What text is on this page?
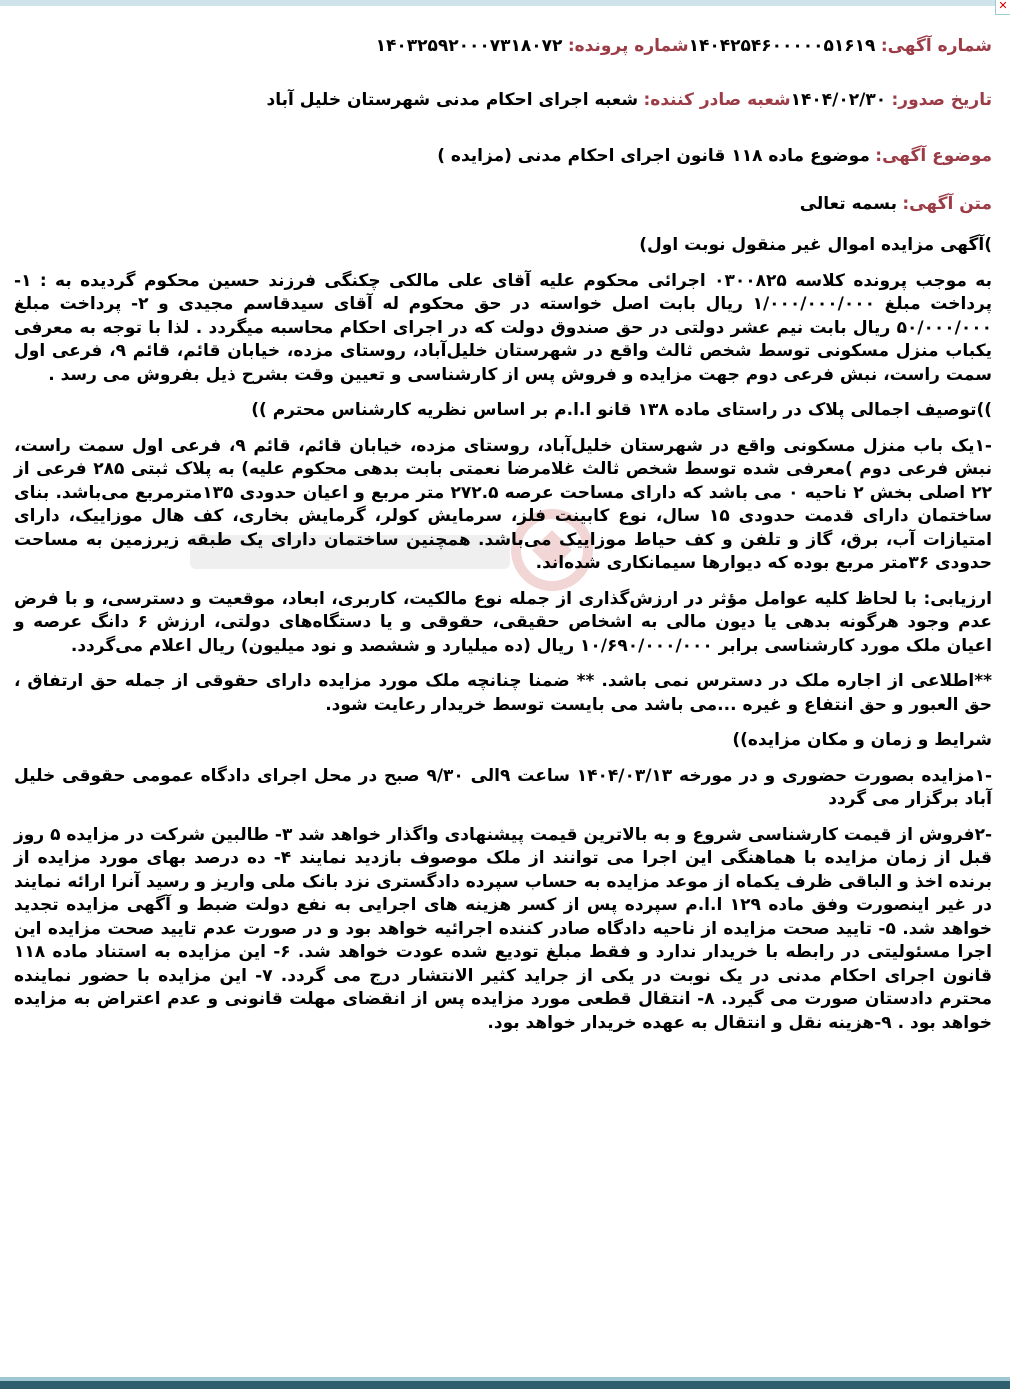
✕
شماره آگهی: ۱۴۰۴۲۵۴۶۰۰۰۰۰۵۱۶۱۹
شماره پرونده: ۱۴۰۳۲۵۹۲۰۰۰۷۳۱۸۰۷۲
تاریخ صدور: ۱۴۰۴/۰۲/۳۰
شعبه صادر کننده: شعبه اجرای احکام مدنی شهرستان خلیل آباد
موضوع آگهی: موضوع ماده ۱۱۸ قانون اجرای احکام مدنی (مزایده )
متن آگهی: بسمه تعالی

)آگهی مزایده اموال غیر منقول نوبت اول)

به موجب پرونده کلاسه ۰۳۰۰۸۲۵ اجرائی محکوم علیه آقای علی مالکی چکنگی فرزند حسین محکوم گردیده به : ۱- پرداخت مبلغ ۱/۰۰۰/۰۰۰/۰۰۰ ریال بابت اصل خواسته در حق محکوم له آقای سیدقاسم مجیدی و ۲- پرداخت مبلغ ۵۰/۰۰۰/۰۰۰ ریال بابت نیم عشر دولتی در حق صندوق دولت که در اجرای احکام محاسبه میگردد . لذا با توجه به معرفی یکباب منزل مسکونی توسط شخص ثالث واقع در شهرستان خلیل‌آباد، روستای مزده، خیابان قائم، قائم ۹، فرعی اول سمت راست، نبش فرعی دوم جهت مزایده و فروش پس از کارشناسی و تعیین وقت بشرح ذیل بفروش می رسد .

))توصیف اجمالی پلاک در راستای ماده ۱۳۸ قانو ا.ا.م بر اساس نظریه کارشناس محترم ))

-۱یک باب منزل مسکونی واقع در شهرستان خلیل‌آباد، روستای مزده، خیابان قائم، قائم ۹، فرعی اول سمت راست، نبش فرعی دوم )معرفی شده توسط شخص ثالث غلامرضا نعمتی بابت بدهی محکوم علیه) به پلاک ثبتی ۲۸۵ فرعی از ۲۲ اصلی بخش ۲ ناحیه ۰ می باشد که دارای مساحت عرصه ۲۷۲.۵ متر مربع و اعیان حدودی ۱۳۵مترمربع می‌باشد. بنای ساختمان دارای قدمت حدودی ۱۵ سال، نوع کابینت فلز، سرمایش کولر، گرمایش بخاری، کف هال موزاییک، دارای امتیازات آب، برق، گاز و تلفن و کف حیاط موزاییک می‌باشد. همچنین ساختمان دارای یک طبقه زیرزمین به مساحت حدودی ۳۶متر مربع بوده که دیوارها سیمانکاری شده‌اند.

ارزیابی: با لحاظ کلیه عوامل مؤثر در ارزش‌گذاری از جمله نوع مالکیت، کاربری، ابعاد، موقعیت و دسترسی، و با فرض عدم وجود هرگونه بدهی یا دیون مالی به اشخاص حقیقی، حقوقی و یا دستگاه‌های دولتی، ارزش ۶ دانگ عرصه و اعیان ملک مورد کارشناسی برابر ۱۰/۶۹۰/۰۰۰/۰۰۰ ریال (ده میلیارد و ششصد و نود میلیون) ریال اعلام می‌گردد.

**اطلاعی از اجاره ملک در دسترس نمی باشد. ** ضمنا چنانچه ملک مورد مزایده دارای حقوقی از جمله حق ارتفاق ، حق العبور و حق انتفاع و غیره ...می باشد می بایست توسط خریدار رعایت شود.

شرایط و زمان و مکان مزایده))

-۱مزایده بصورت حضوری و در مورخه ۱۴۰۴/۰۳/۱۳ ساعت ۹الی ۹/۳۰ صبح در محل اجرای دادگاه عمومی حقوقی خلیل آباد برگزار می گردد

-۲فروش از قیمت کارشناسی شروع و به بالاترین قیمت پیشنهادی واگذار خواهد شد ۳- طالبین شرکت در مزایده ۵ روز قبل از زمان مزایده با هماهنگی این اجرا می توانند از ملک موصوف بازدید نمایند ۴- ده درصد بهای مورد مزایده از برنده اخذ و الباقی ظرف یکماه از موعد مزایده به حساب سپرده دادگستری نزد بانک ملی واریز و رسید آنرا ارائه نمایند در غیر اینصورت وفق ماده ۱۲۹ ا.ا.م سپرده پس از کسر هزینه های اجرایی به نفع دولت ضبط و آگهی مزایده تجدید خواهد شد. ۵- تایید صحت مزایده از ناحیه دادگاه صادر کننده اجرائیه خواهد بود و در صورت عدم تایید صحت مزایده این اجرا مسئولیتی در رابطه با خریدار ندارد و فقط مبلغ تودیع شده عودت خواهد شد. ۶- این مزایده به استناد ماده ۱۱۸ قانون اجرای احکام مدنی در یک نوبت در یکی از جراید کثیر الانتشار درج می گردد. ۷- این مزایده با حضور نماینده محترم دادستان صورت می گیرد. ۸- انتقال قطعی مورد مزایده پس از انقضای مهلت قانونی و عدم اعتراض به مزایده خواهد بود . ۹-هزینه نقل و انتقال به عهده خریدار خواهد بود.
